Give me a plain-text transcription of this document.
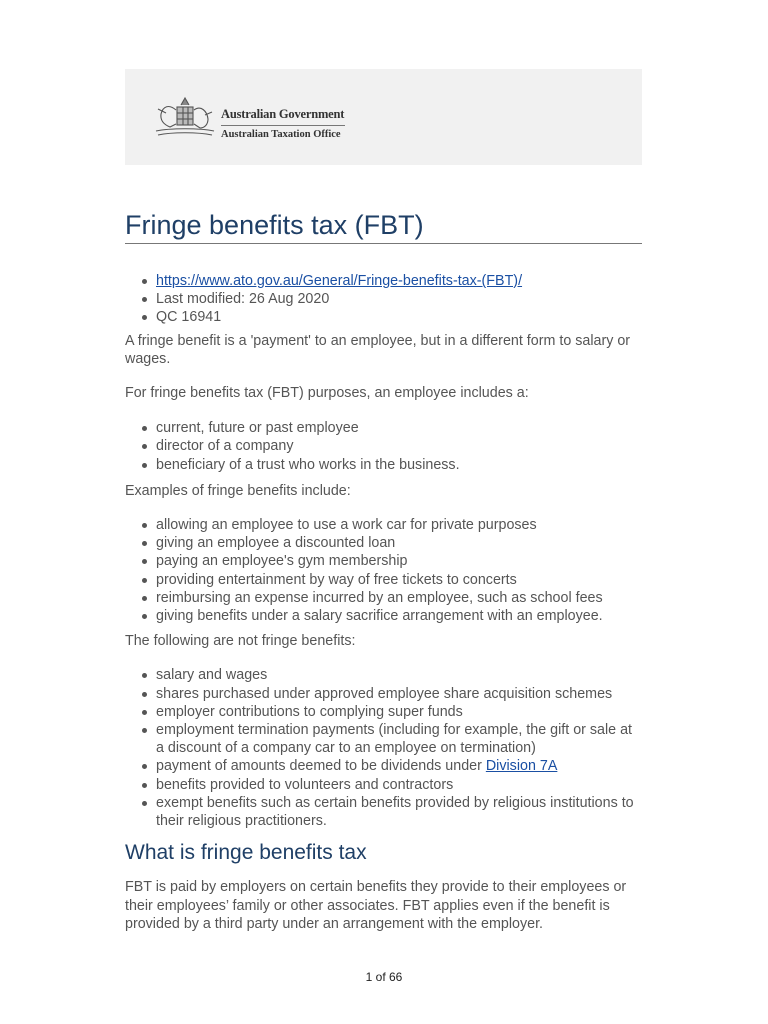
Australian Government
Australian Taxation Office
Fringe benefits tax (FBT)
https://www.ato.gov.au/General/Fringe-benefits-tax-(FBT)/
Last modified: 26 Aug 2020
QC 16941

A fringe benefit is a 'payment' to an employee, but in a different form to salary or wages.

For fringe benefits tax (FBT) purposes, an employee includes a:

current, future or past employee
director of a company
beneficiary of a trust who works in the business.

Examples of fringe benefits include:

allowing an employee to use a work car for private purposes
giving an employee a discounted loan
paying an employee's gym membership
providing entertainment by way of free tickets to concerts
reimbursing an expense incurred by an employee, such as school fees
giving benefits under a salary sacrifice arrangement with an employee.

The following are not fringe benefits:

salary and wages
shares purchased under approved employee share acquisition schemes
employer contributions to complying super funds
employment termination payments (including for example, the gift or sale at a discount of a company car to an employee on termination)
payment of amounts deemed to be dividends under Division 7A
benefits provided to volunteers and contractors
exempt benefits such as certain benefits provided by religious institutions to their religious practitioners.
What is fringe benefits tax

FBT is paid by employers on certain benefits they provide to their employees or their employees’ family or other associates. FBT applies even if the benefit is provided by a third party under an arrangement with the employer.

1 of 66
